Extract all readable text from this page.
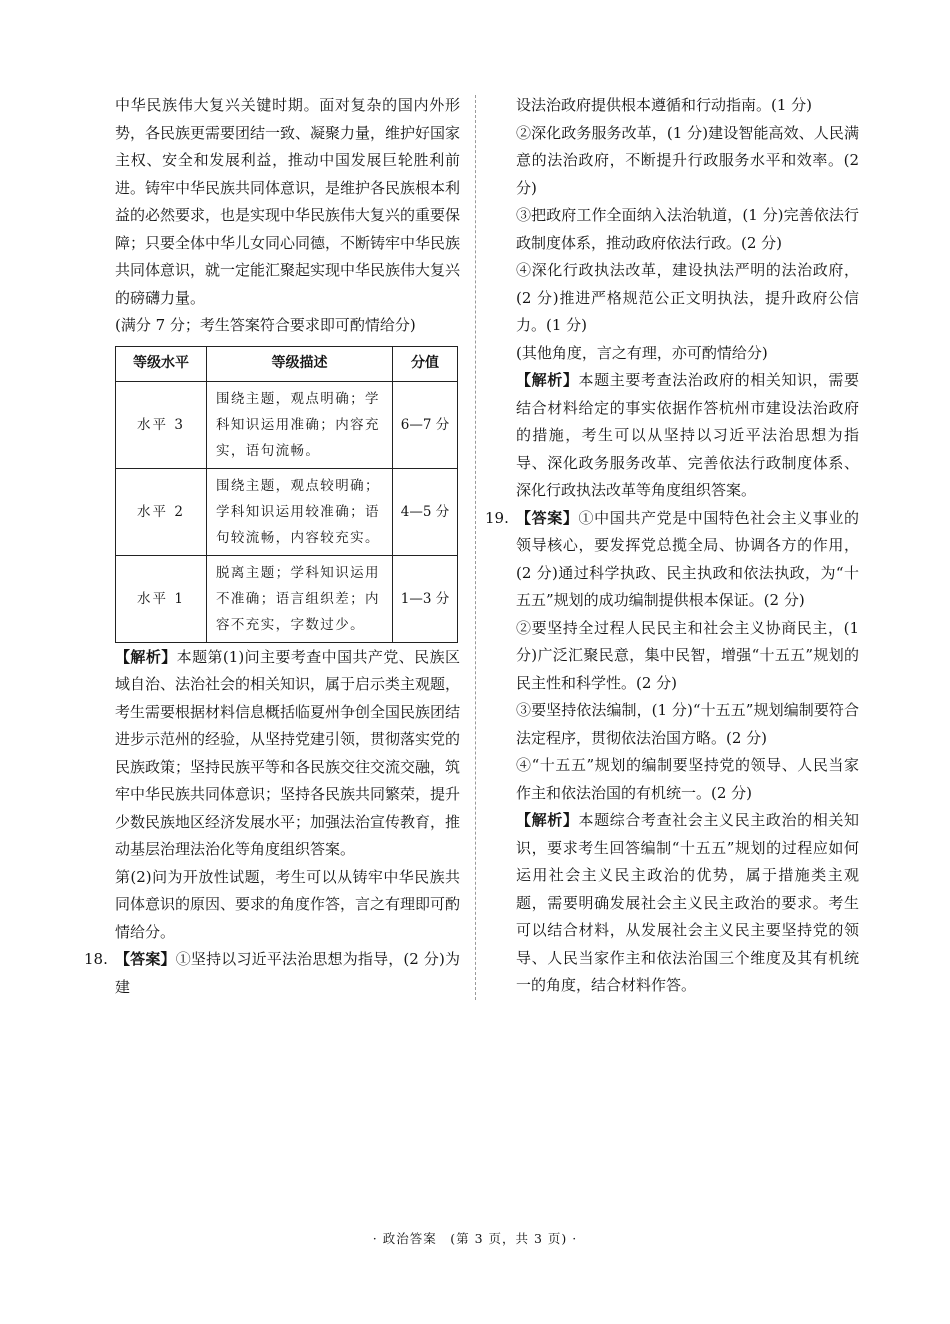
中华民族伟大复兴关键时期。面对复杂的国内外形势，各民族更需要团结一致、凝聚力量，维护好国家主权、安全和发展利益，推动中国发展巨轮胜利前进。铸牢中华民族共同体意识，是维护各民族根本利益的必然要求，也是实现中华民族伟大复兴的重要保障；只要全体中华儿女同心同德，不断铸牢中华民族共同体意识，就一定能汇聚起实现中华民族伟大复兴的磅礴力量。

(满分 7 分；考生答案符合要求即可酌情给分)

等级水平	等级描述	分值
水平 3	围绕主题，观点明确；学科知识运用准确；内容充实，语句流畅。	6—7 分
水平 2	围绕主题，观点较明确；学科知识运用较准确；语句较流畅，内容较充实。	4—5 分
水平 1	脱离主题；学科知识运用不准确；语言组织差；内容不充实，字数过少。	1—3 分

【解析】本题第(1)问主要考查中国共产党、民族区域自治、法治社会的相关知识，属于启示类主观题，考生需要根据材料信息概括临夏州争创全国民族团结进步示范州的经验，从坚持党建引领，贯彻落实党的民族政策；坚持民族平等和各民族交往交流交融，筑牢中华民族共同体意识；坚持各民族共同繁荣，提升少数民族地区经济发展水平；加强法治宣传教育，推动基层治理法治化等角度组织答案。

第(2)问为开放性试题，考生可以从铸牢中华民族共同体意识的原因、要求的角度作答，言之有理即可酌情给分。

18. 【答案】①坚持以习近平法治思想为指导，(2 分)为建

设法治政府提供根本遵循和行动指南。(1 分)

②深化政务服务改革，(1 分)建设智能高效、人民满意的法治政府，不断提升行政服务水平和效率。(2 分)

③把政府工作全面纳入法治轨道，(1 分)完善依法行政制度体系，推动政府依法行政。(2 分)

④深化行政执法改革，建设执法严明的法治政府，(2 分)推进严格规范公正文明执法，提升政府公信力。(1 分)

(其他角度，言之有理，亦可酌情给分)

【解析】本题主要考查法治政府的相关知识，需要结合材料给定的事实依据作答杭州市建设法治政府的措施，考生可以从坚持以习近平法治思想为指导、深化政务服务改革、完善依法行政制度体系、深化行政执法改革等角度组织答案。

19. 【答案】①中国共产党是中国特色社会主义事业的领导核心，要发挥党总揽全局、协调各方的作用，(2 分)通过科学执政、民主执政和依法执政，为“十五五”规划的成功编制提供根本保证。(2 分)

②要坚持全过程人民民主和社会主义协商民主，(1 分)广泛汇聚民意，集中民智，增强“十五五”规划的民主性和科学性。(2 分)

③要坚持依法编制，(1 分)“十五五”规划编制要符合法定程序，贯彻依法治国方略。(2 分)

④“十五五”规划的编制要坚持党的领导、人民当家作主和依法治国的有机统一。(2 分)

【解析】本题综合考查社会主义民主政治的相关知识，要求考生回答编制“十五五”规划的过程应如何运用社会主义民主政治的优势，属于措施类主观题，需要明确发展社会主义民主政治的要求。考生可以结合材料，从发展社会主义民主要坚持党的领导、人民当家作主和依法治国三个维度及其有机统一的角度，结合材料作答。

· 政治答案　(第 3 页，共 3 页) ·
